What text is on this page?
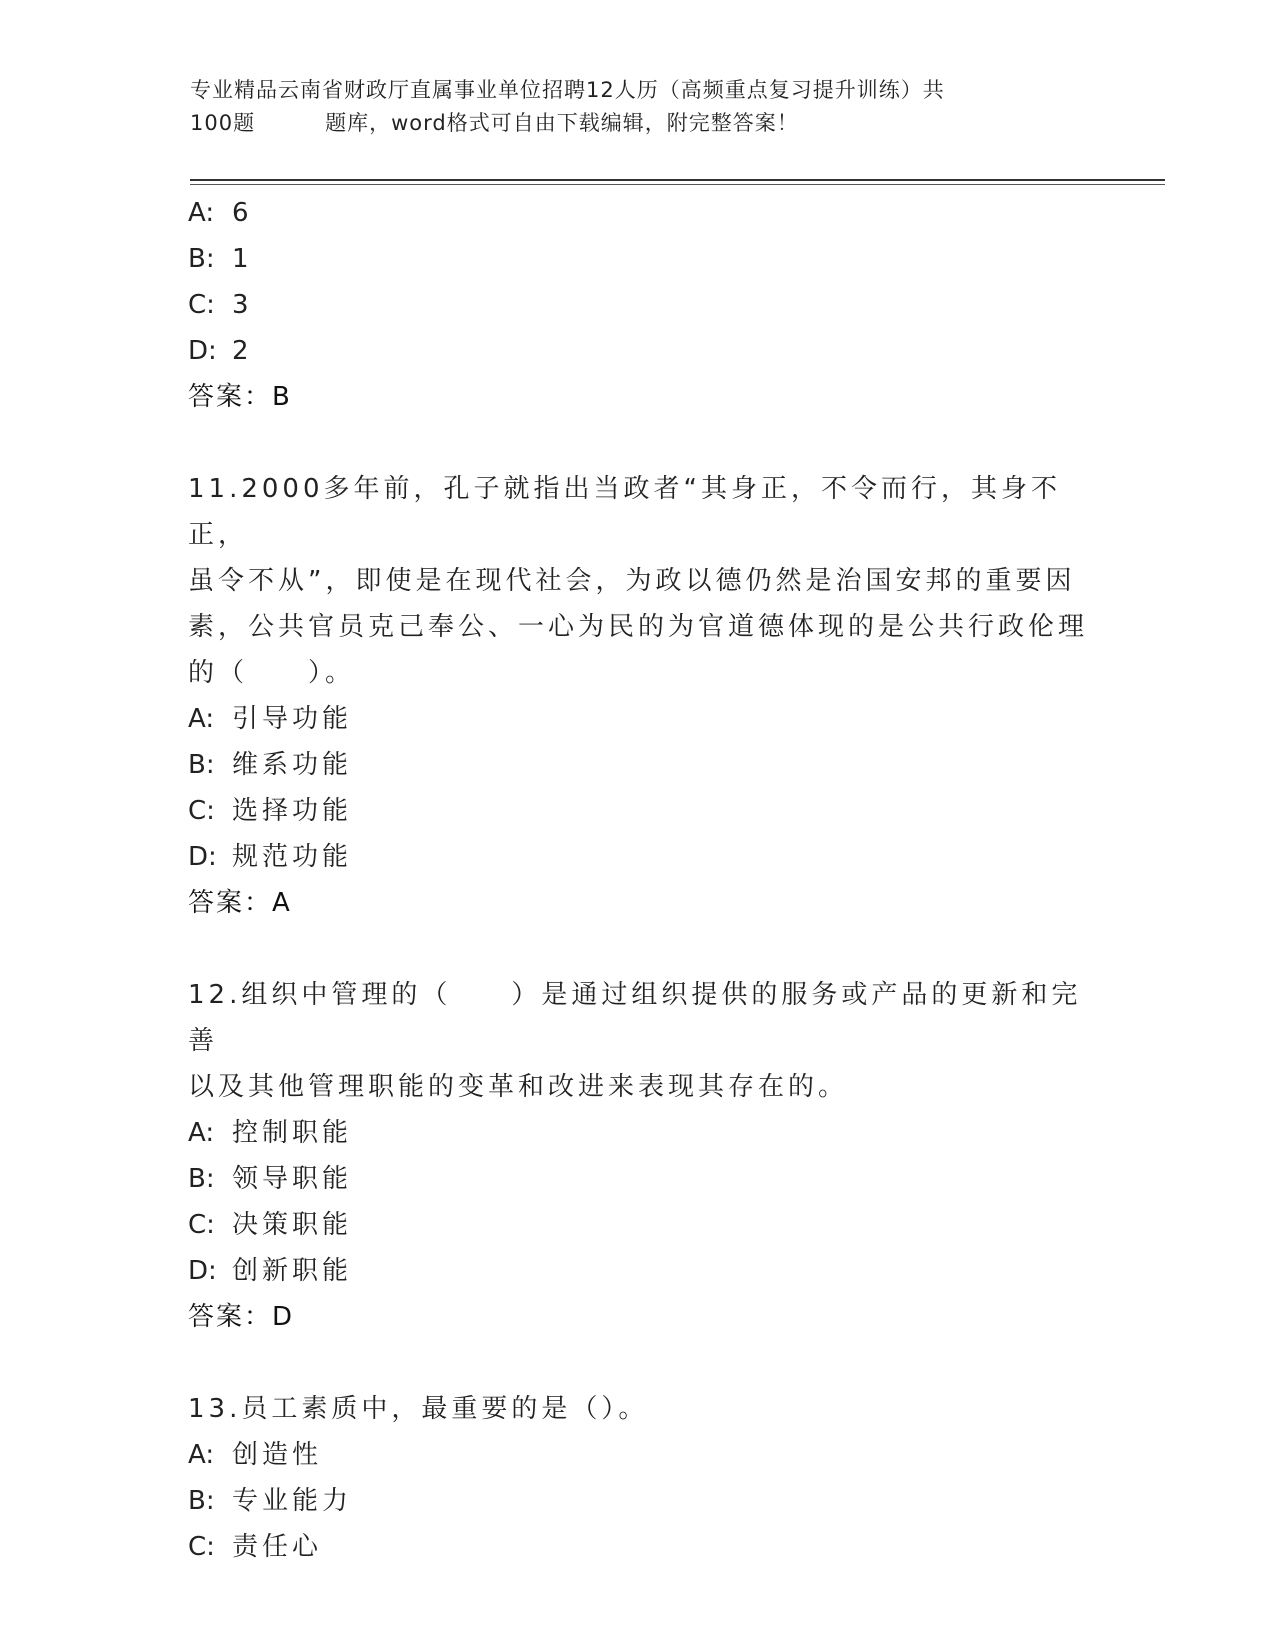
专业精品云南省财政厅直属事业单位招聘12人历（高频重点复习提升训练）共
100题	题库，word格式可自由下载编辑，附完整答案！
A: 6
B: 1
C: 3
D: 2
答案：B
11.2000多年前，孔子就指出当政者“其身正，不令而行，其身不正，
虽令不从”，即使是在现代社会，为政以德仍然是治国安邦的重要因
素，公共官员克己奉公、一心为民的为官道德体现的是公共行政伦理
的（　　）。
A: 引导功能
B: 维系功能
C: 选择功能
D: 规范功能
答案：A
12.组织中管理的（　　）是通过组织提供的服务或产品的更新和完善
以及其他管理职能的变革和改进来表现其存在的。
A: 控制职能
B: 领导职能
C: 决策职能
D: 创新职能
答案：D
13.员工素质中，最重要的是（）。
A: 创造性
B: 专业能力
C: 责任心
